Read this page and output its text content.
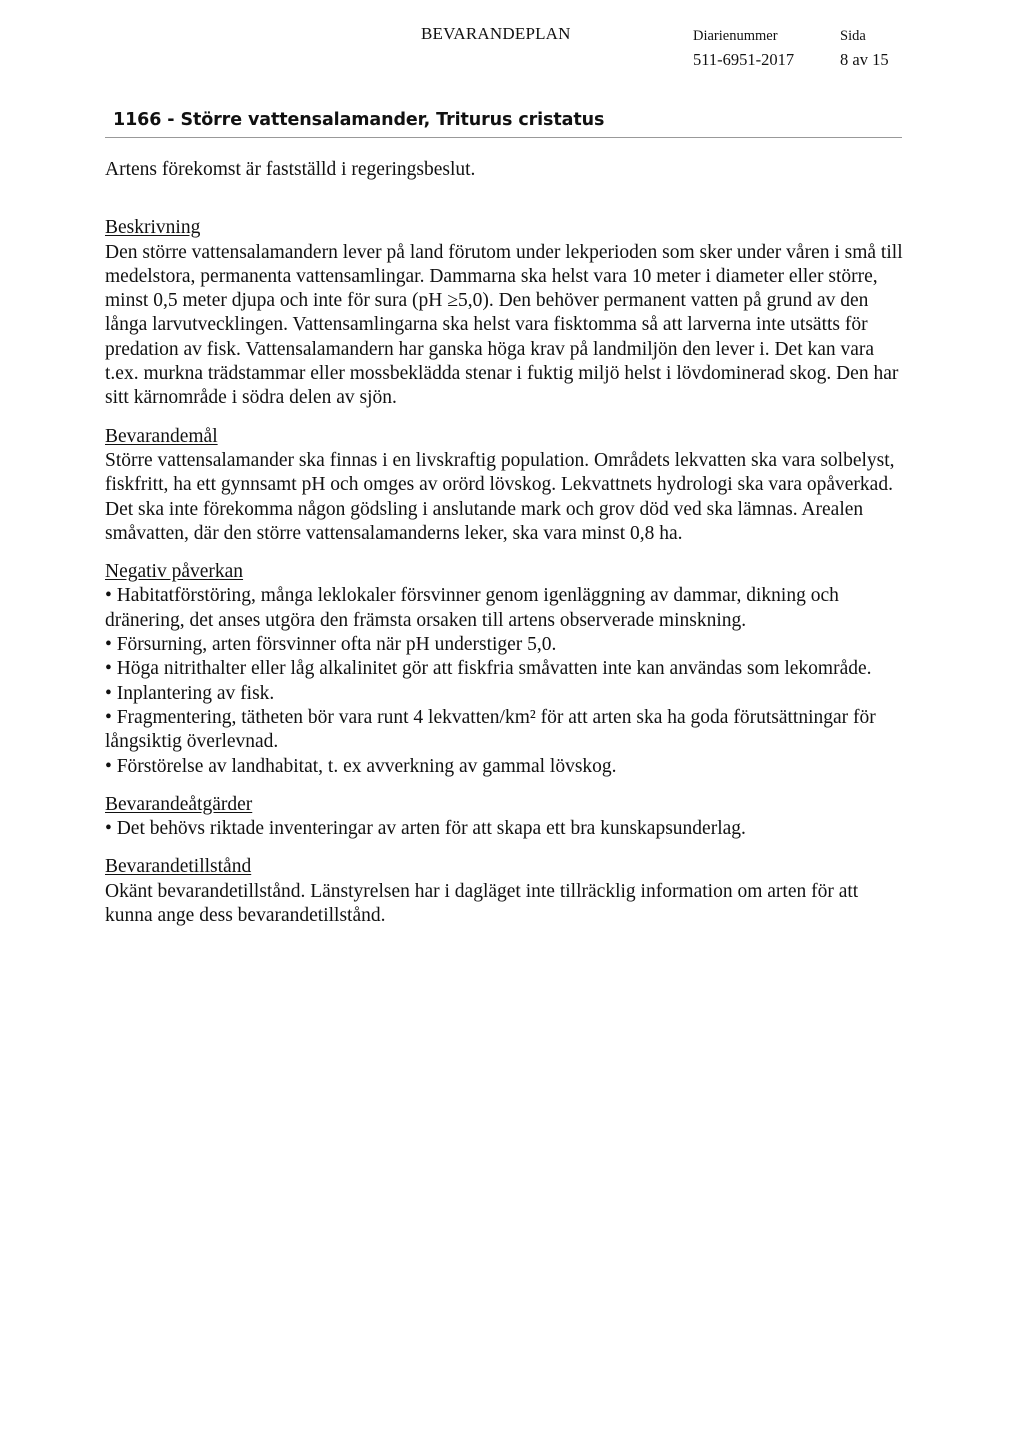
BEVARANDEPLAN	Diarienummer
511-6951-2017
Sida
8 av 15
1166 - Större vattensalamander, Triturus cristatus

Artens förekomst är fastställd i regeringsbeslut.

Beskrivning

Den större vattensalamandern lever på land förutom under lekperioden som sker under våren i små till medelstora, permanenta vattensamlingar. Dammarna ska helst vara 10 meter i diameter eller större, minst 0,5 meter djupa och inte för sura (pH ≥5,0). Den behöver permanent vatten på grund av den långa larvutvecklingen. Vattensamlingarna ska helst vara fisktomma så att larverna inte utsätts för predation av fisk. Vattensalamandern har ganska höga krav på landmiljön den lever i. Det kan vara t.ex. murkna trädstammar eller mossbeklädda stenar i fuktig miljö helst i lövdominerad skog. Den har sitt kärnområde i södra delen av sjön.

Bevarandemål

Större vattensalamander ska finnas i en livskraftig population. Områdets lekvatten ska vara solbelyst, fiskfritt, ha ett gynnsamt pH och omges av orörd lövskog. Lekvattnets hydrologi ska vara opåverkad. Det ska inte förekomma någon gödsling i anslutande mark och grov död ved ska lämnas. Arealen småvatten, där den större vattensalamanderns leker, ska vara minst 0,8 ha.

Negativ påverkan

• Habitatförstöring, många leklokaler försvinner genom igenläggning av dammar, dikning och dränering, det anses utgöra den främsta orsaken till artens observerade minskning.
• Försurning, arten försvinner ofta när pH understiger 5,0.
• Höga nitrithalter eller låg alkalinitet gör att fiskfria småvatten inte kan användas som lekområde.
• Inplantering av fisk.
• Fragmentering, tätheten bör vara runt 4 lekvatten/km² för att arten ska ha goda förutsättningar för långsiktig överlevnad.
• Förstörelse av landhabitat, t. ex avverkning av gammal lövskog.

Bevarandeåtgärder

• Det behövs riktade inventeringar av arten för att skapa ett bra kunskapsunderlag.

Bevarandetillstånd

Okänt bevarandetillstånd. Länstyrelsen har i dagläget inte tillräcklig information om arten för att kunna ange dess bevarandetillstånd.
